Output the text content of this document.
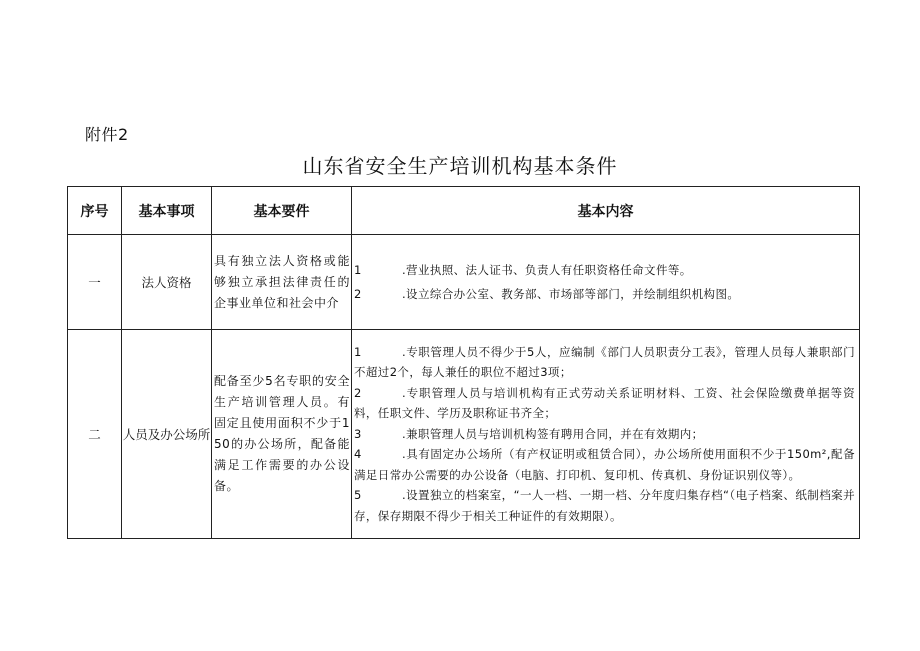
附件2
山东省安全生产培训机构基本条件
序号	基本事项	基本要件	基本内容
一	法人资格	具有独立法人资格或能够独立承担法律责任的企事业单位和社会中介	1 .营业执照、法人证书、负责人有任职资格任命文件等。
2 .设立综合办公室、教务部、市场部等部门，并绘制组织机构图。

二	人员及办公场所	配备至少5名专职的安全生产培训管理人员。有固定且使用面积不少于150的办公场所，配备能满足工作需要的办公设备。	1 .专职管理人员不得少于5人，应编制《部门人员职责分工表》，管理人员每人兼职部门不超过2个，每人兼任的职位不超过3项；
2 .专职管理人员与培训机构有正式劳动关系证明材料、工资、社会保险缴费单据等资料，任职文件、学历及职称证书齐全；
3 .兼职管理人员与培训机构签有聘用合同，并在有效期内；
4 .具有固定办公场所（有产权证明或租赁合同），办公场所使用面积不少于150m²,配备满足日常办公需要的办公设备（电脑、打印机、复印机、传真机、身份证识别仪等）。
5 .设置独立的档案室，“一人一档、一期一档、分年度归集存档“（电子档案、纸制档案并存，保存期限不得少于相关工种证件的有效期限）。
